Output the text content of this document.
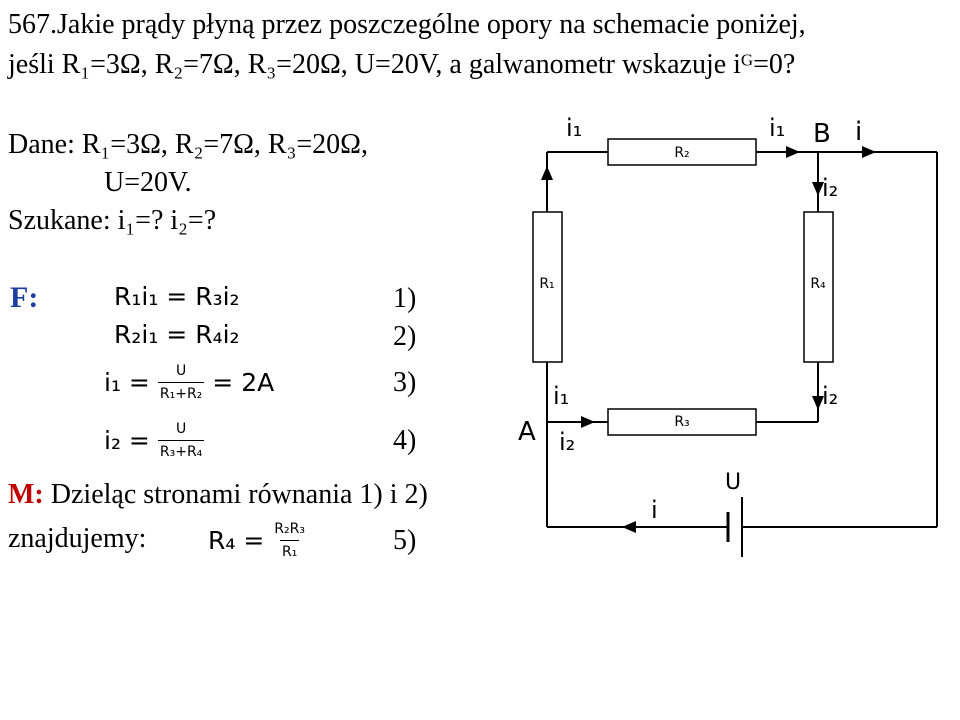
567.Jakie prądy płyną przez poszczególne opory na schemacie poniżej,
jeśli R₁=3Ω, R₂=7Ω, R₃=20Ω, U=20V, a galwanometr wskazuje iᴳ=0?
Dane: R₁=3Ω, R₂=7Ω, R₃=20Ω,
U=20V.
Szukane: i₁=? i₂=?
F:	R₁i₁ = R₃i₂	1)
R₂i₁ = R₄i₂	2)
$i_1 = \frac{U}{\text{R₁+R₂}} = 2A$	3)
$i_2 = \frac{U}{\text{R₃+R₄}}$	4)
M: Dzieląc stronami równania 1) i 2)
znajdujemy: $R_4 = \frac{\text{R₂R₃}}{\text{R₁}}$	5)
R₂
R₁	R₄
R₃
i₁	i₁	i
i₂
i₁	i₂
i₂
i
U
A
B
